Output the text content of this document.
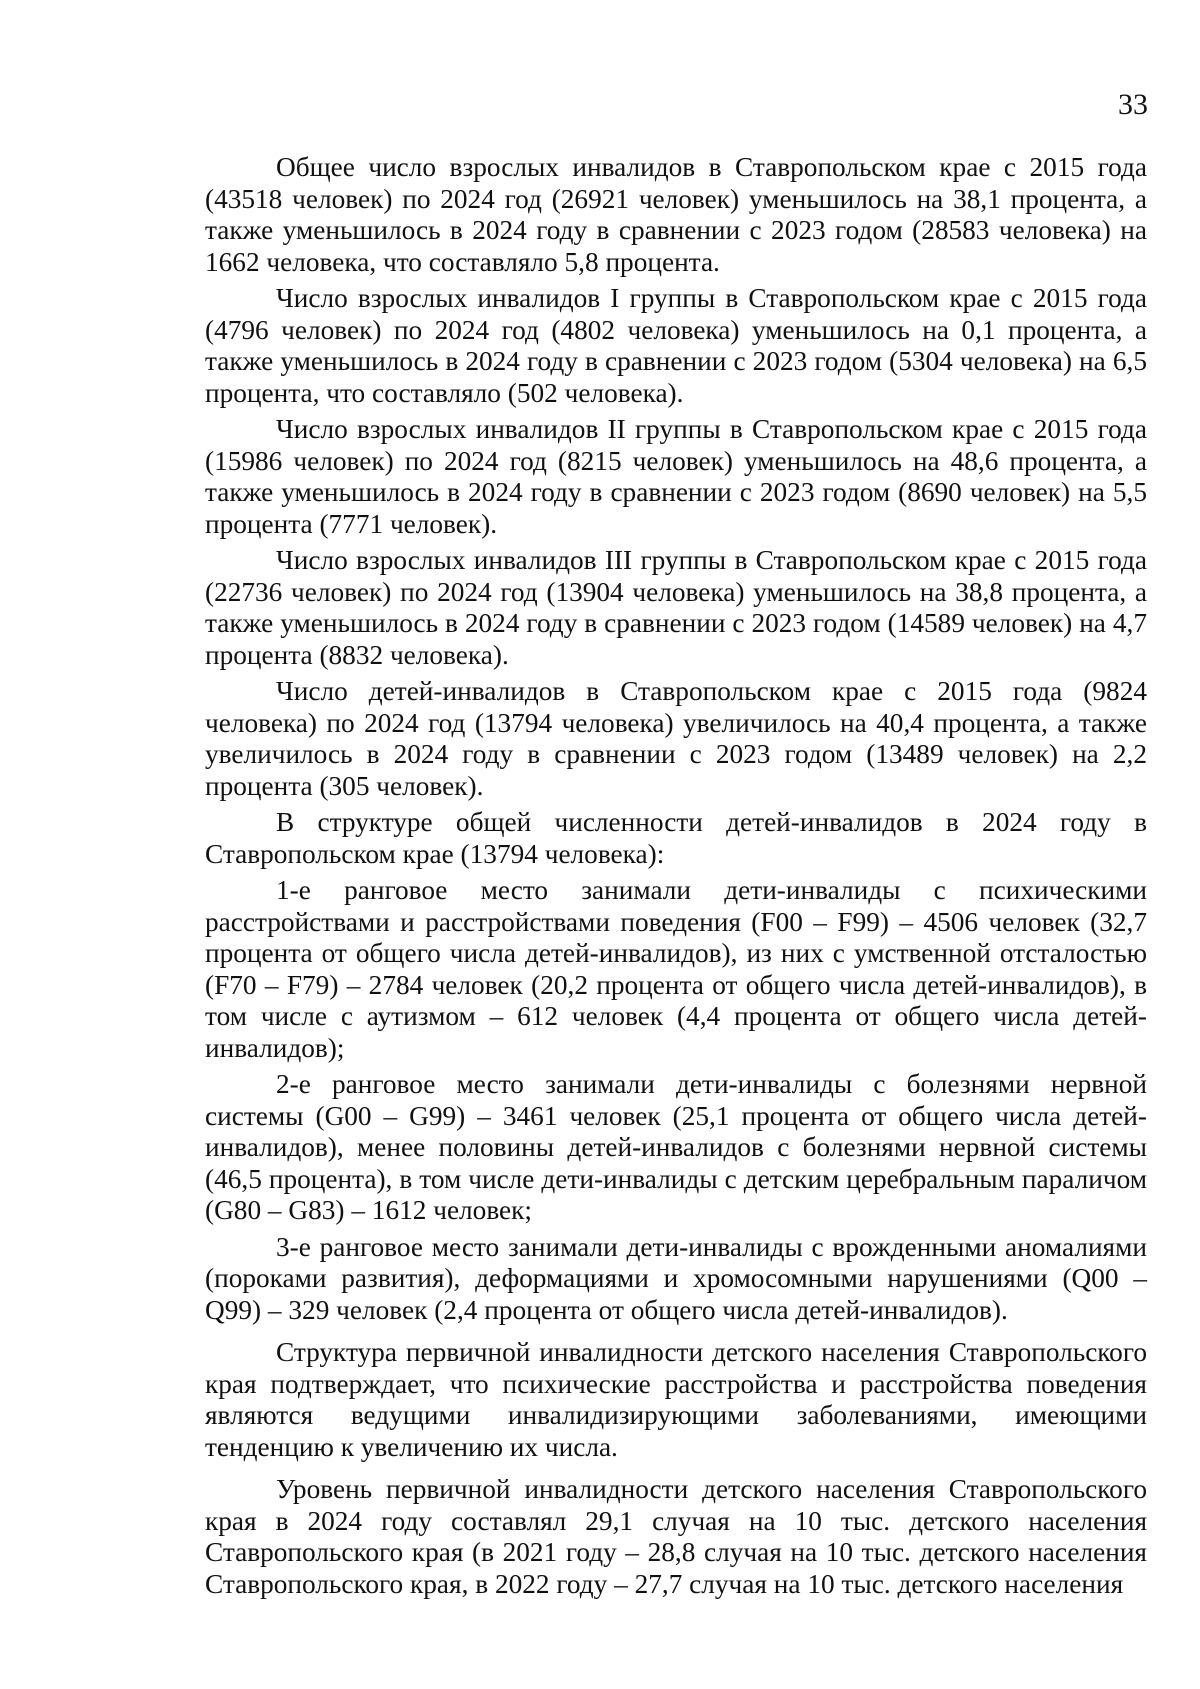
33

Общее число взрослых инвалидов в Ставропольском крае с 2015 года (43518 человек) по 2024 год (26921 человек) уменьшилось на 38,1 процента, а также уменьшилось в 2024 году в сравнении с 2023 годом (28583 человека) на 1662 человека, что составляло 5,8 процента.

Число взрослых инвалидов I группы в Ставропольском крае с 2015 года (4796 человек) по 2024 год (4802 человека) уменьшилось на 0,1 процента, а также уменьшилось в 2024 году в сравнении с 2023 годом (5304 человека) на 6,5 процента, что составляло (502 человека).

Число взрослых инвалидов II группы в Ставропольском крае с 2015 года (15986 человек) по 2024 год (8215 человек) уменьшилось на 48,6 процента, а также уменьшилось в 2024 году в сравнении с 2023 годом (8690 человек) на 5,5 процента (7771 человек).

Число взрослых инвалидов III группы в Ставропольском крае с 2015 года (22736 человек) по 2024 год (13904 человека) уменьшилось на 38,8 процента, а также уменьшилось в 2024 году в сравнении с 2023 годом (14589 человек) на 4,7 процента (8832 человека).

Число детей-инвалидов в Ставропольском крае с 2015 года (9824 человека) по 2024 год (13794 человека) увеличилось на 40,4 процента, а также увеличилось в 2024 году в сравнении с 2023 годом (13489 человек) на 2,2 процента (305 человек).

В структуре общей численности детей-инвалидов в 2024 году в Ставропольском крае (13794 человека):

1-е ранговое место занимали дети-инвалиды с психическими расстройствами и расстройствами поведения (F00 – F99) – 4506 человек (32,7 процента от общего числа детей-инвалидов), из них с умственной отсталостью (F70 – F79) – 2784 человек (20,2 процента от общего числа детей-инвалидов), в том числе с аутизмом – 612 человек (4,4 процента от общего числа детей-инвалидов);

2-е ранговое место занимали дети-инвалиды с болезнями нервной системы (G00 – G99) – 3461 человек (25,1 процента от общего числа детей-инвалидов), менее половины детей-инвалидов с болезнями нервной системы (46,5 процента), в том числе дети-инвалиды с детским церебральным параличом (G80 – G83) – 1612 человек;

3-е ранговое место занимали дети-инвалиды с врожденными аномалиями (пороками развития), деформациями и хромосомными нарушениями (Q00 – Q99) – 329 человек (2,4 процента от общего числа детей-инвалидов).

Структура первичной инвалидности детского населения Ставропольского края подтверждает, что психические расстройства и расстройства поведения являются ведущими инвалидизирующими заболеваниями, имеющими тенденцию к увеличению их числа.

Уровень первичной инвалидности детского населения Ставропольского края в 2024 году составлял 29,1 случая на 10 тыс. детского населения Ставропольского края (в 2021 году – 28,8 случая на 10 тыс. детского населения Ставропольского края, в 2022 году – 27,7 случая на 10 тыс. детского населения
